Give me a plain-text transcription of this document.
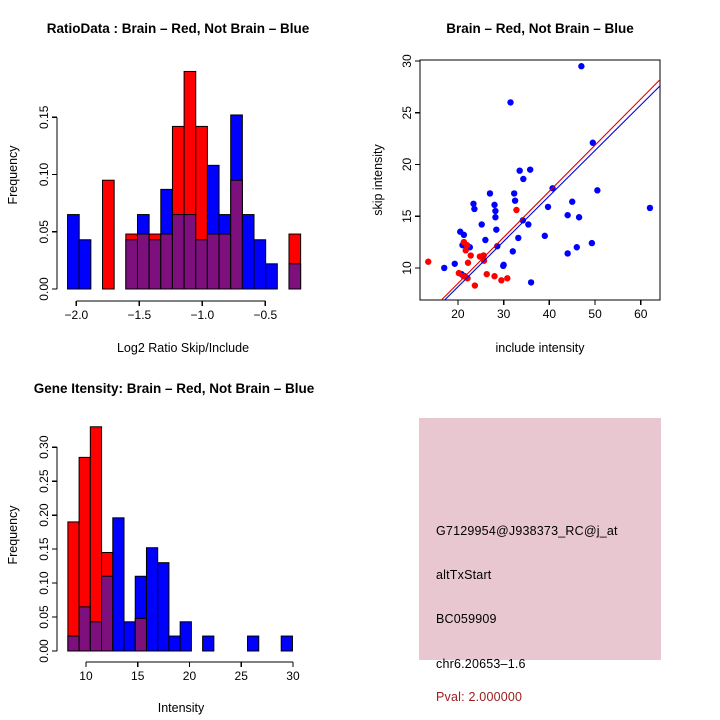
RatioData : Brain – Red, Not Brain – Blue
Log2 Ratio Skip/Include
Frequency
−2.0	−1.5	−1.0	−0.5
0.00
0.05
0.10
0.15
Brain – Red, Not Brain – Blue
include intensity
skip intensity
20	30	40	50	60
10
15
20
25
30
Gene Itensity: Brain – Red, Not Brain – Blue
Intensity
Frequency
10	15	20	25	30
0.00
0.05
0.10
0.15
0.20
0.25
0.30
G7129954@J938373_RC@j_at
altTxStart
BC059909
chr6.20653–1.6
Pval: 2.000000
